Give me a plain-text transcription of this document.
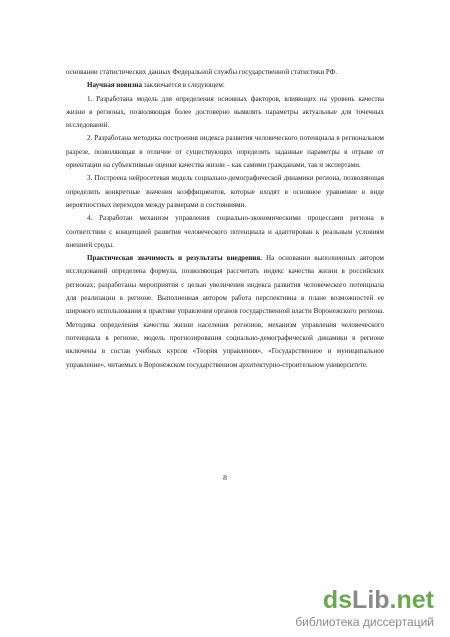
основании статистических данных Федеральной службы государственной статистики РФ.

Научная новизна заключается в следующем:

1. Разработана модель для определения основных факторов, влияющих на уровень качества жизни в регионах, позволяющая более достоверно выявлять параметры актуальные для точечных исследований.

2. Разработана методика построения индекса развития человеческого потенциала в региональном разрезе, позволяющая в отличие от существующих определять заданные параметры в отрыве от ориентации на субъективные оценки качества жизни – как самими гражданами, так и экспертами.

3. Построена нейросетевая модель социально-демографической динамики региона, позволяющая определить конкретные значения коэффициентов, которые входят в основное уравнение в виде вероятностных переходов между размерами и состояниями.

4. Разработан механизм управления социально-экономическими процессами региона в соответствии с концепцией развития человеческого потенциала и адаптирован к реальным условиям внешней среды.

Практическая значимость и результаты внедрения. На основании выполненных автором исследований определена формула, позволяющая рассчитать индекс качества жизни в российских регионах; разработаны мероприятия с целью увеличения индекса развития человеческого потенциала для реализации в регионе. Выполненная автором работа перспективна в плане возможностей ее широкого использования в практике управления органов государственной власти Воронежского региона. Методика определения качества жизни населения регионов, механизм управления человеческого потенциала в регионе, модель прогнозирования социально-демографической динамики в регионе включены в состав учебных курсов «Теория управления», «Государственное и муниципальное управление», читаемых в Воронежском государственном архитектурно-строительном университете.

8
dsLib.net
библиотека диссертаций
